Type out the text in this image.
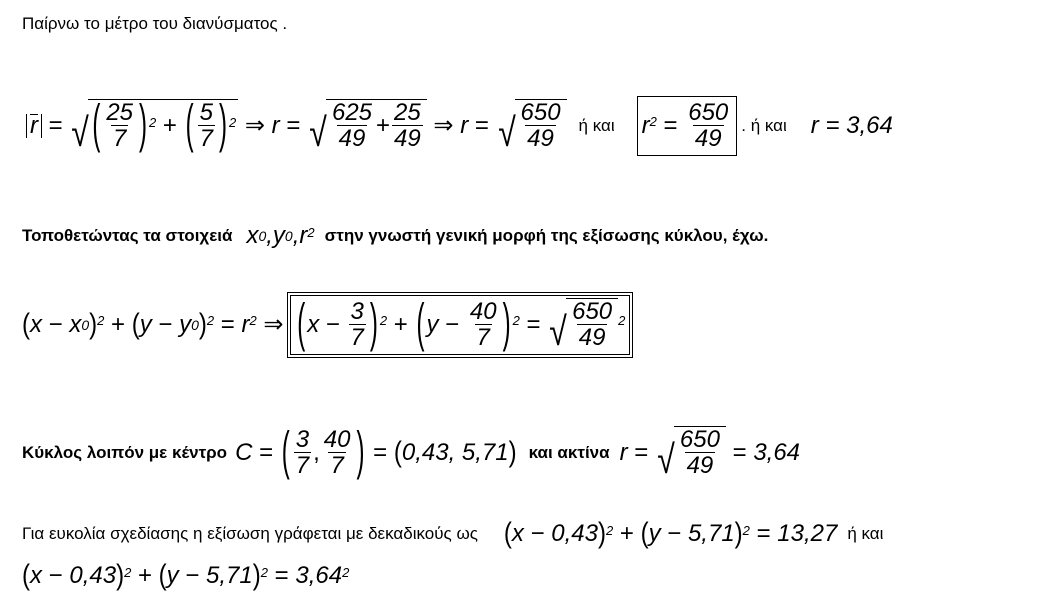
Παίρνω το μέτρο του διανύσματος .
r = √ ( $\frac{25}{7} )^2$ + ( $\frac{5}{7} )^2$ ⇒ r = √ $\frac{625}{49} + \frac{25}{49}$ ⇒ r = √ $\frac{650}{49}$ ή και $r^2 = \frac{650}{49}$ . ή και r = 3,64
Τοποθετώντας τα στοιχειά x 0 ,y 0 $,r^2$ στην γνωστή γενική μορφή της εξίσωσης κύκλου, έχω.
( x − x 0 )$^2$ + ( y − y 0 )$^2 = r^2$ ⇒ ( $x - \frac{3}{7} )^2$ + ( $y - \frac{40}{7} )^2$ = √ $\frac{650}{49} ^2$
Κύκλος λοιπόν με κέντρο C = ( $\frac{3}{7}$ , $\frac{40}{7}$ ) = ( 0,43, 5,71 ) και ακτίνα r = √ $\frac{650}{49} = 3,64$
Για ευκολία σχεδίασης η εξίσωση γράφεται με δεκαδικούς ως ( x − 0,43 )$^2$ + ( y − 5,71 )$^2$ = 13,27 ή και
( x − 0,43 )$^2$ + ( y − 5,71 )$^2 = 3,64^2$
